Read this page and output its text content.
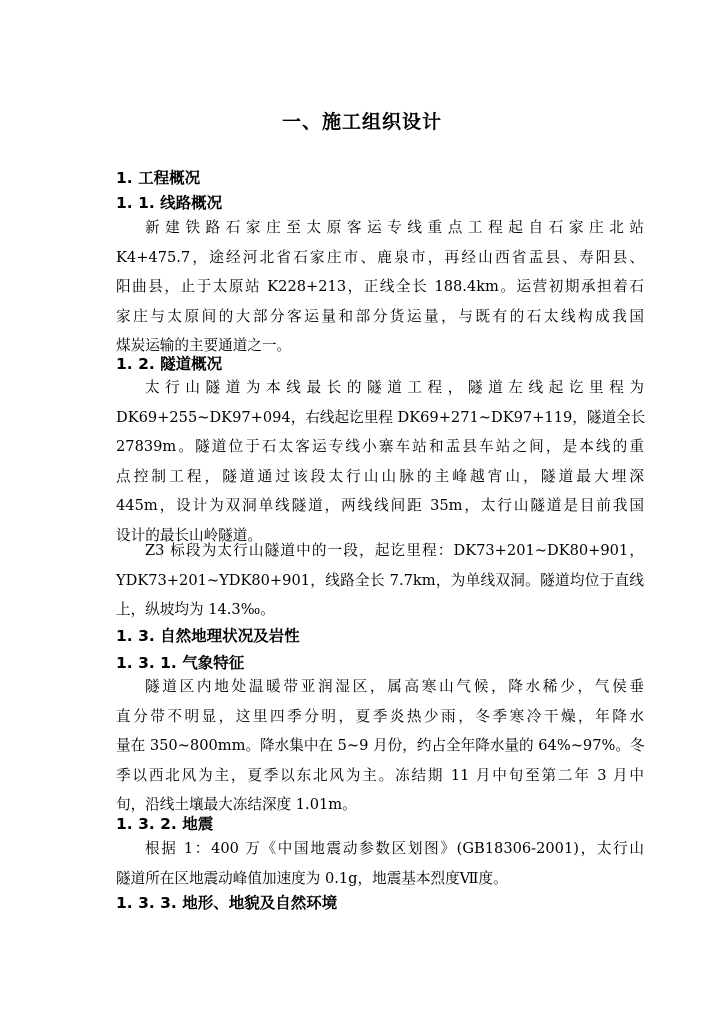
一、施工组织设计
1. 工程概况
1. 1. 线路概况
新建铁路石家庄至太原客运专线重点工程起自石家庄北站
K4+475.7，途经河北省石家庄市、鹿泉市，再经山西省盂县、寿阳县、
阳曲县，止于太原站 K228+213，正线全长 188.4km。运营初期承担着石
家庄与太原间的大部分客运量和部分货运量，与既有的石太线构成我国
煤炭运输的主要通道之一。
1. 2. 隧道概况
太行山隧道为本线最长的隧道工程，隧道左线起讫里程为
DK69+255~DK97+094，右线起讫里程 DK69+271~DK97+119，隧道全长
27839m。隧道位于石太客运专线小寨车站和盂县车站之间，是本线的重
点控制工程，隧道通过该段太行山山脉的主峰越宵山，隧道最大埋深
445m，设计为双洞单线隧道，两线线间距 35m，太行山隧道是目前我国
设计的最长山岭隧道。
Z3 标段为太行山隧道中的一段，起讫里程：DK73+201~DK80+901，
YDK73+201~YDK80+901，线路全长 7.7km，为单线双洞。隧道均位于直线
上，纵坡均为 14.3‰。
1. 3. 自然地理状况及岩性
1. 3. 1. 气象特征
隧道区内地处温暖带亚润湿区，属高寒山气候，降水稀少，气侯垂
直分带不明显，这里四季分明，夏季炎热少雨，冬季寒冷干燥，年降水
量在 350~800mm。降水集中在 5~9 月份，约占全年降水量的 64%~97%。冬
季以西北风为主，夏季以东北风为主。冻结期 11 月中旬至第二年 3 月中
旬，沿线土壤最大冻结深度 1.01m。
1. 3. 2. 地震
根据 1：400 万《中国地震动参数区划图》(GB18306-2001)，太行山
隧道所在区地震动峰值加速度为 0.1g，地震基本烈度Ⅶ度。
1. 3. 3. 地形、地貌及自然环境
